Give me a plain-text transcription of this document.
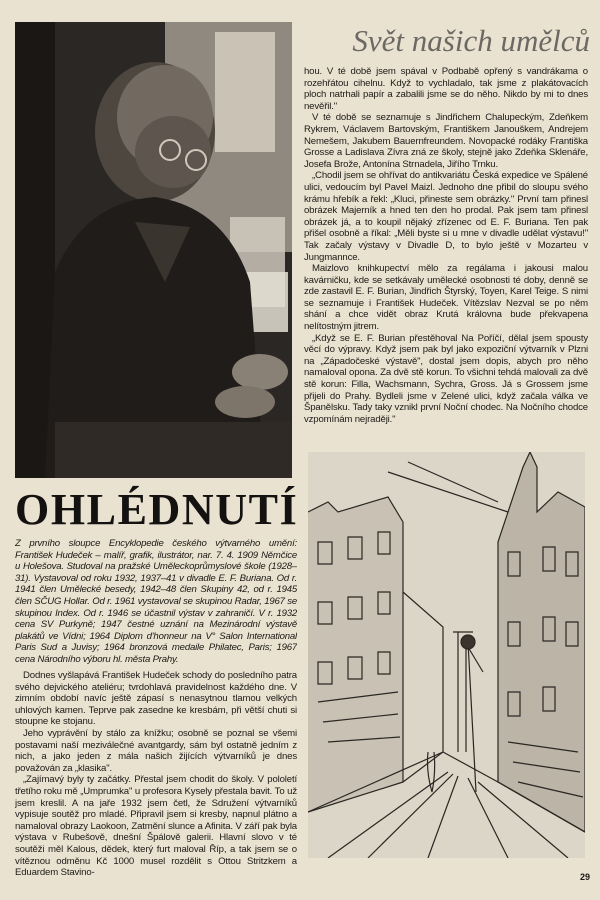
Svět našich umělců

hou. V té době jsem spával v Podbabě opřený s vandrákama o rozehřátou cihelnu. Když to vychladalo, tak jsme z plakátovacích ploch natrhali papír a zabalili jsme se do něho. Nikdo by mi to dnes nevěřil."

V té době se seznamuje s Jindřichem Chalupeckým, Zdeňkem Rykrem, Václavem Bartovským, Františkem Janouškem, Andrejem Nemešem, Jakubem Bauernfreundem. Novopacké rodáky Františka Grosse a Ladislava Zívra zná ze školy, stejně jako Zdeňka Sklenáře, Josefa Brože, Antonína Strnadela, Jiřího Trnku.

„Chodil jsem se ohřívat do antikvariátu Česká expedice ve Spálené ulici, vedoucím byl Pavel Maizl. Jednoho dne přibil do sloupu svého krámu hřebík a řekl: „Kluci, přineste sem obrázky." První tam přinesl obrázek Majerník a hned ten den ho prodal. Pak jsem tam přinesl obrázek já, a to koupil nějaký zřízenec od E. F. Buriana. Ten pak přišel osobně a říkal: „Měli byste si u mne v divadle udělat výstavu!" Tak začaly výstavy v Divadle D, to bylo ještě v Mozarteu v Jungmannce.

Maizlovo knihkupectví mělo za regálama i jakousi malou kavárničku, kde se setkávaly umělecké osobnosti té doby, denně se zde zastavil E. F. Burian, Jindřich Štyrský, Toyen, Karel Teige. S nimi se seznamuje i František Hudeček. Vítězslav Nezval se po něm shání a chce vidět obraz Krutá královna bude překvapena nelítostným jitrem.

„Když se E. F. Burian přestěhoval Na Poříčí, dělal jsem spousty věcí do výpravy. Když jsem pak byl jako expoziční výtvarník v Plzni na „Západočeské výstavě", dostal jsem dopis, abych pro něho namaloval opona. Za dvě stě korun. To všichni tehdá malovali za dvě stě korun: Filla, Wachsmann, Sychra, Gross. Já s Grossem jsme přijeli do Prahy. Bydleli jsme v Zelené ulici, když začala válka ve Španělsku. Tady taky vznikl první Noční chodec. Na Nočního chodce vzpomínám nejraději."

OHLÉDNUTÍ

Z prvního sloupce Encyklopedie českého výtvarného umění: František Hudeček – malíř, grafik, ilustrátor, nar. 7. 4. 1909 Němčice u Holešova. Studoval na pražské Uměleckoprůmyslové škole (1928–31). Vystavoval od roku 1932, 1937–41 v divadle E. F. Buriana. Od r. 1941 člen Umělecké besedy, 1942–48 člen Skupiny 42, od r. 1945 člen SČUG Hollar. Od r. 1961 vystavoval se skupinou Radar, 1967 se skupinou Index. Od r. 1946 se účastnil výstav v zahraničí. V r. 1932 cena SV Purkyně; 1947 čestné uznání na Mezinárodní výstavě plakátů ve Vídni; 1964 Diplom d'honneur na V° Salon International Paris Sud a Juvisy; 1964 bronzová medaile Philatec, Paris; 1967 cena Národního výboru hl. města Prahy.

Dodnes vyšlapává František Hudeček schody do posledního patra svého dejvického ateliéru; tvrdohlavá pravidelnost každého dne. V zimním období navíc ještě zápasí s nenasytnou tlamou velkých uhlových kamen. Teprve pak zasedne ke kresbám, při větší chuti si stoupne ke stojanu.

Jeho vyprávění by stálo za knížku; osobně se poznal se všemi postavami naší meziválečné avantgardy, sám byl ostatně jedním z nich, a jako jeden z mála našich žijících výtvarníků je dnes považován za „klasika".

„Zajímavý byly ty začátky. Přestal jsem chodit do školy. V pololetí třetího roku mě „Umprumka" u profesora Kysely přestala bavit. To už jsem kreslil. A na jaře 1932 jsem četl, že Sdružení výtvarníků vypisuje soutěž pro mladé. Připravil jsem si kresby, napnul plátno a namaloval obrazy Laokoon, Zatmění slunce a Afinita. V září pak byla výstava v Rubešově, dnešní Špálově galerii. Hlavní slovo v té soutěži měl Kalous, dědek, který furt maloval Říp, a tak jsem se o vítěznou odměnu Kč 1000 musel rozdělit s Ottou Stritzkem a Eduardem Stavino-	29
